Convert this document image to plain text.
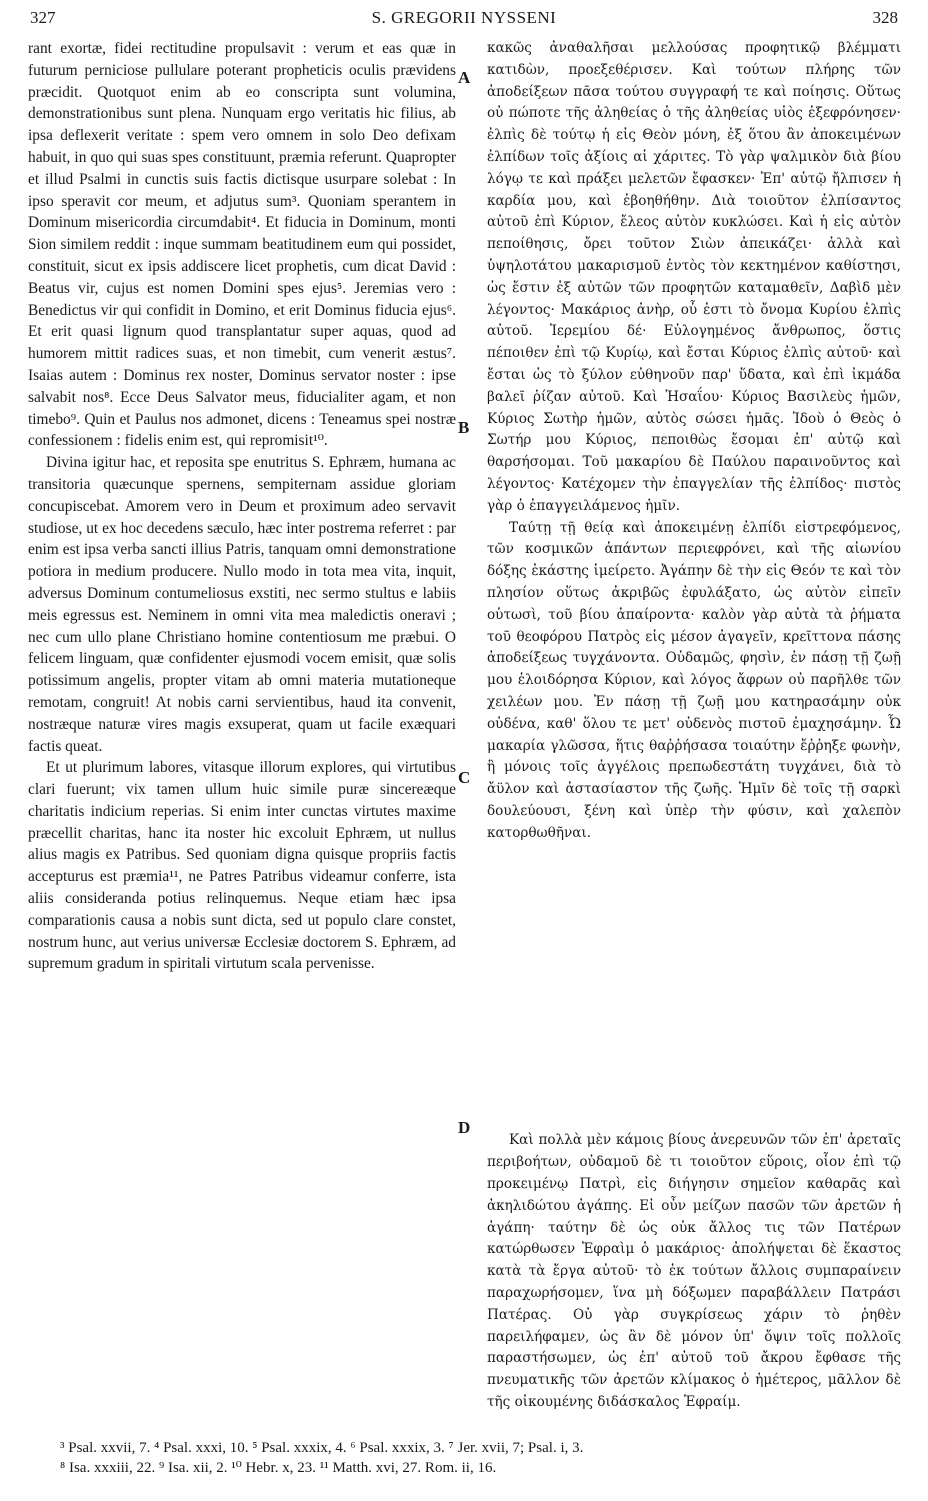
327	S. GREGORII NYSSENI	328

rant exortæ, fidei rectitudine propulsavit : verum et eas quæ in futurum perniciose pullulare poterant propheticis oculis prævidens præcidit. Quotquot enim ab eo conscripta sunt volumina, demonstrationibus sunt plena. Nunquam ergo veritatis hic filius, ab ipsa deflexerit veritate : spem vero omnem in solo Deo defixam habuit, in quo qui suas spes constituunt, præmia referunt. Quapropter et illud Psalmi in cunctis suis factis dictisque usurpare solebat : In ipso speravit cor meum, et adjutus sum³. Quoniam sperantem in Dominum misericordia circumdabit⁴. Et fiducia in Dominum, monti Sion similem reddit : inque summam beatitudinem eum qui possidet, constituit, sicut ex ipsis addiscere licet prophetis, cum dicat David : Beatus vir, cujus est nomen Domini spes ejus⁵. Jeremias vero : Benedictus vir qui confidit in Domino, et erit Dominus fiducia ejus⁶. Et erit quasi lignum quod transplantatur super aquas, quod ad humorem mittit radices suas, et non timebit, cum venerit æstus⁷. Isaias autem : Dominus rex noster, Dominus servator noster : ipse salvabit nos⁸. Ecce Deus Salvator meus, fiducialiter agam, et non timebo⁹. Quin et Paulus nos admonet, dicens : Teneamus spei nostræ confessionem : fidelis enim est, qui repromisit¹⁰.

Divina igitur hac, et reposita spe enutritus S. Ephræm, humana ac transitoria quæcunque spernens, sempiternam assidue gloriam concupiscebat. Amorem vero in Deum et proximum adeo servavit studiose, ut ex hoc decedens sæculo, hæc inter postrema referret : par enim est ipsa verba sancti illius Patris, tanquam omni demonstratione potiora in medium producere. Nullo modo in tota mea vita, inquit, adversus Dominum contumeliosus exstiti, nec sermo stultus e labiis meis egressus est. Neminem in omni vita mea maledictis oneravi ; nec cum ullo plane Christiano homine contentiosum me præbui. O felicem linguam, quæ confidenter ejusmodi vocem emisit, quæ solis potissimum angelis, propter vitam ab omni materia mutationeque remotam, congruit! At nobis carni servientibus, haud ita convenit, nostræque naturæ vires magis exsuperat, quam ut facile exæquari factis queat.

Et ut plurimum labores, vitasque illorum explores, qui virtutibus clari fuerunt; vix tamen ullum huic simile puræ sincereæque charitatis indicium reperias. Si enim inter cunctas virtutes maxime præcellit charitas, hanc ita noster hic excoluit Ephræm, ut nullus alius magis ex Patribus. Sed quoniam digna quisque propriis factis accepturus est præmia¹¹, ne Patres Patribus videamur conferre, ista aliis consideranda potius relinquemus. Neque etiam hæc ipsa comparationis causa a nobis sunt dicta, sed ut populo clare constet, nostrum hunc, aut verius universæ Ecclesiæ doctorem S. Ephræm, ad supremum gradum in spiritali virtutum scala pervenisse.

A
B
C
D

κακῶς ἀναθαλῆσαι μελλούσας προφητικῷ βλέμματι κατιδὼν, προεξεθέρισεν. Καὶ τούτων πλήρης τῶν ἀποδείξεων πᾶσα τούτου συγγραφή τε καὶ ποίησις. Οὕτως οὐ πώποτε τῆς ἀληθείας ὁ τῆς ἀληθείας υἱὸς ἐξεφρόνησεν· ἐλπὶς δὲ τούτῳ ἡ εἰς Θεὸν μόνη, ἐξ ὅτου ἂν ἀποκειμένων ἐλπίδων τοῖς ἀξίοις αἱ χάριτες. Τὸ γὰρ ψαλμικὸν διὰ βίου λόγῳ τε καὶ πράξει μελετῶν ἔφασκεν· Ἐπ' αὐτῷ ἤλπισεν ἡ καρδία μου, καὶ ἐβοηθήθην. Διὰ τοιοῦτον ἐλπίσαντος αὐτοῦ ἐπὶ Κύριον, ἔλεος αὐτὸν κυκλώσει. Καὶ ἡ εἰς αὐτὸν πεποίθησις, ὄρει τοῦτον Σιὼν ἀπεικάζει· ἀλλὰ καὶ ὑψηλοτάτου μακαρισμοῦ ἐντὸς τὸν κεκτημένον καθίστησι, ὡς ἔστιν ἐξ αὐτῶν τῶν προφητῶν καταμαθεῖν, Δαβὶδ μὲν λέγοντος· Μακάριος ἀνὴρ, οὗ ἐστι τὸ ὄνομα Κυρίου ἐλπὶς αὐτοῦ. Ἱερεμίου δέ· Εὐλογημένος ἄνθρωπος, ὅστις πέποιθεν ἐπὶ τῷ Κυρίῳ, καὶ ἔσται Κύριος ἐλπὶς αὐτοῦ· καὶ ἔσται ὡς τὸ ξύλον εὐθηνοῦν παρ' ὕδατα, καὶ ἐπὶ ἰκμάδα βαλεῖ ῥίζαν αὐτοῦ. Καὶ Ἡσαΐου· Κύριος Βασιλεὺς ἡμῶν, Κύριος Σωτὴρ ἡμῶν, αὐτὸς σώσει ἡμᾶς. Ἰδοὺ ὁ Θεὸς ὁ Σωτήρ μου Κύριος, πεποιθὼς ἔσομαι ἐπ' αὐτῷ καὶ θαρσήσομαι. Τοῦ μακαρίου δὲ Παύλου παραινοῦντος καὶ λέγοντος· Κατέχομεν τὴν ἐπαγγελίαν τῆς ἐλπίδος· πιστὸς γὰρ ὁ ἐπαγγειλάμενος ἡμῖν.

Ταύτῃ τῇ θείᾳ καὶ ἀποκειμένῃ ἐλπίδι εἰστρεφόμενος, τῶν κοσμικῶν ἁπάντων περιεφρόνει, καὶ τῆς αἰωνίου δόξης ἑκάστης ἱμείρετο. Ἀγάπην δὲ τὴν εἰς Θεόν τε καὶ τὸν πλησίον οὕτως ἀκριβῶς ἐφυλάξατο, ὡς αὐτὸν εἰπεῖν οὑτωσὶ, τοῦ βίου ἀπαίροντα· καλὸν γὰρ αὐτὰ τὰ ῥήματα τοῦ θεοφόρου Πατρὸς εἰς μέσον ἀγαγεῖν, κρεῖττονα πάσης ἀποδείξεως τυγχάνοντα. Οὐδαμῶς, φησὶν, ἐν πάσῃ τῇ ζωῇ μου ἐλοιδόρησα Κύριον, καὶ λόγος ἄφρων οὐ παρῆλθε τῶν χειλέων μου. Ἐν πάσῃ τῇ ζωῇ μου κατηρασάμην οὐκ οὐδένα, καθ' ὅλου τε μετ' οὐδενὸς πιστοῦ ἐμαχησάμην. Ὦ μακαρία γλῶσσα, ἥτις θαῤῥήσασα τοιαύτην ἔῤῥηξε φωνὴν, ἣ μόνοις τοῖς ἀγγέλοις πρεπωδεστάτη τυγχάνει, διὰ τὸ ἄϋλον καὶ ἀστασίαστον τῆς ζωῆς. Ἡμῖν δὲ τοῖς τῇ σαρκὶ δουλεύουσι, ξένη καὶ ὑπὲρ τὴν φύσιν, καὶ χαλεπὸν κατορθωθῆναι.

Καὶ πολλὰ μὲν κάμοις βίους ἀνερευνῶν τῶν ἐπ' ἀρεταῖς περιβοήτων, οὐδαμοῦ δὲ τι τοιοῦτον εὕροις, οἷον ἐπὶ τῷ προκειμένῳ Πατρὶ, εἰς διήγησιν σημεῖον καθαρᾶς καὶ ἀκηλιδώτου ἀγάπης. Εἰ οὖν μείζων πασῶν τῶν ἀρετῶν ἡ ἀγάπη· ταύτην δὲ ὡς οὐκ ἄλλος τις τῶν Πατέρων κατώρθωσεν Ἐφραὶμ ὁ μακάριος· ἀπολήψεται δὲ ἕκαστος κατὰ τὰ ἔργα αὐτοῦ· τὸ ἐκ τούτων ἄλλοις συμπαραίνειν παραχωρήσομεν, ἵνα μὴ δόξωμεν παραβάλλειν Πατράσι Πατέρας. Οὐ γὰρ συγκρίσεως χάριν τὸ ῥηθὲν παρειλήφαμεν, ὡς ἂν δὲ μόνον ὑπ' ὄψιν τοῖς πολλοῖς παραστήσωμεν, ὡς ἐπ' αὐτοῦ τοῦ ἄκρου ἔφθασε τῆς πνευματικῆς τῶν ἀρετῶν κλίμακος ὁ ἡμέτερος, μᾶλλον δὲ τῆς οἰκουμένης διδάσκαλος Ἐφραίμ.

³ Psal. xxvii, 7. ⁴ Psal. xxxi, 10. ⁵ Psal. xxxix, 4. ⁶ Psal. xxxix, 3. ⁷ Jer. xvii, 7; Psal. i, 3.

⁸ Isa. xxxiii, 22. ⁹ Isa. xii, 2. ¹⁰ Hebr. x, 23. ¹¹ Matth. xvi, 27. Rom. ii, 16.
